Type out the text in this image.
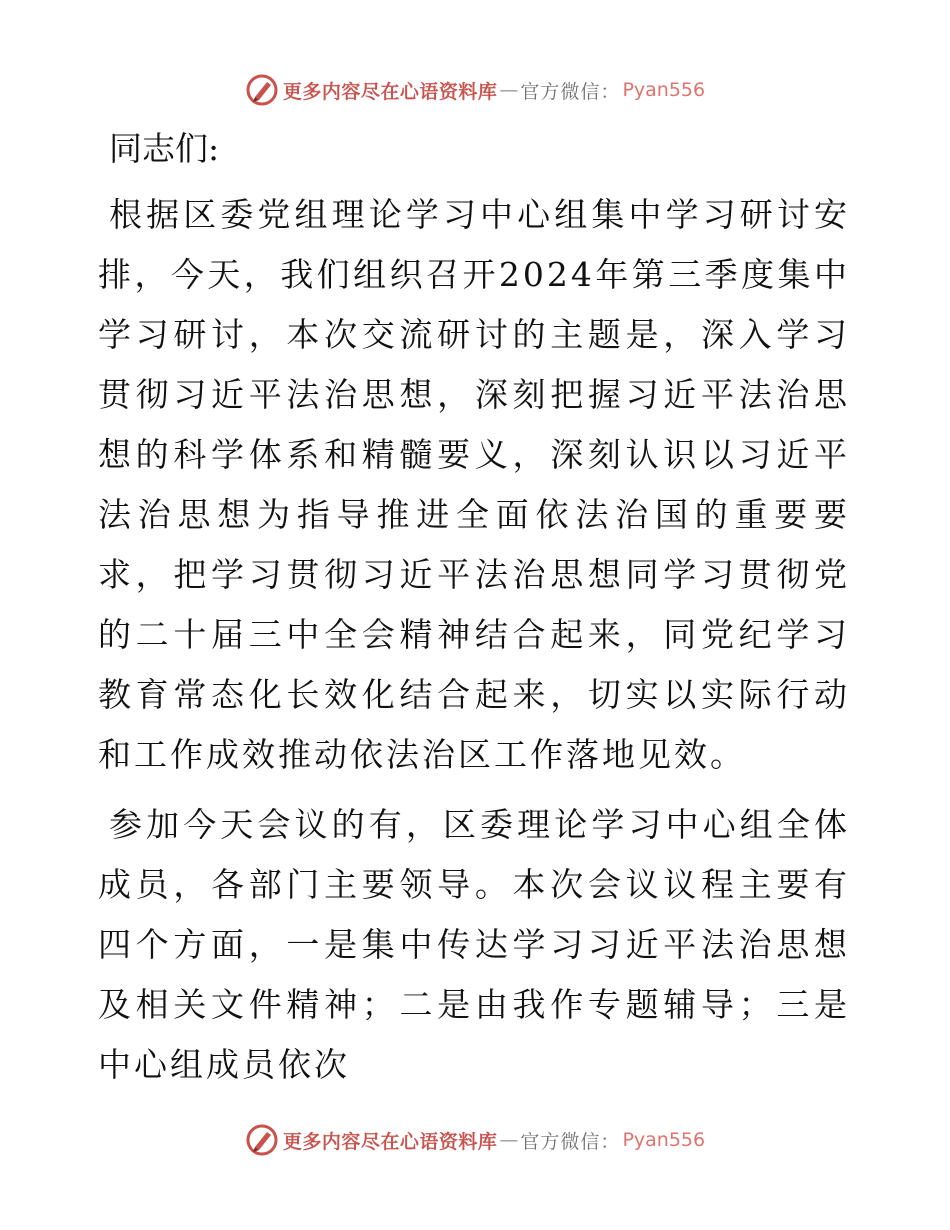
更多内容尽在心语资料库 — 官方微信： Pyan556

同志们:

根据区委党组理论学习中心组集中学习研讨安排，今天，我们组织召开2024年第三季度集中学习研讨，本次交流研讨的主题是，深入学习贯彻习近平法治思想，深刻把握习近平法治思想的科学体系和精髓要义，深刻认识以习近平法治思想为指导推进全面依法治国的重要要求，把学习贯彻习近平法治思想同学习贯彻党的二十届三中全会精神结合起来，同党纪学习教育常态化长效化结合起来，切实以实际行动和工作成效推动依法治区工作落地见效。

参加今天会议的有，区委理论学习中心组全体成员，各部门主要领导。本次会议议程主要有四个方面，一是集中传达学习习近平法治思想及相关文件精神；二是由我作专题辅导；三是中心组成员依次

更多内容尽在心语资料库 — 官方微信： Pyan556
